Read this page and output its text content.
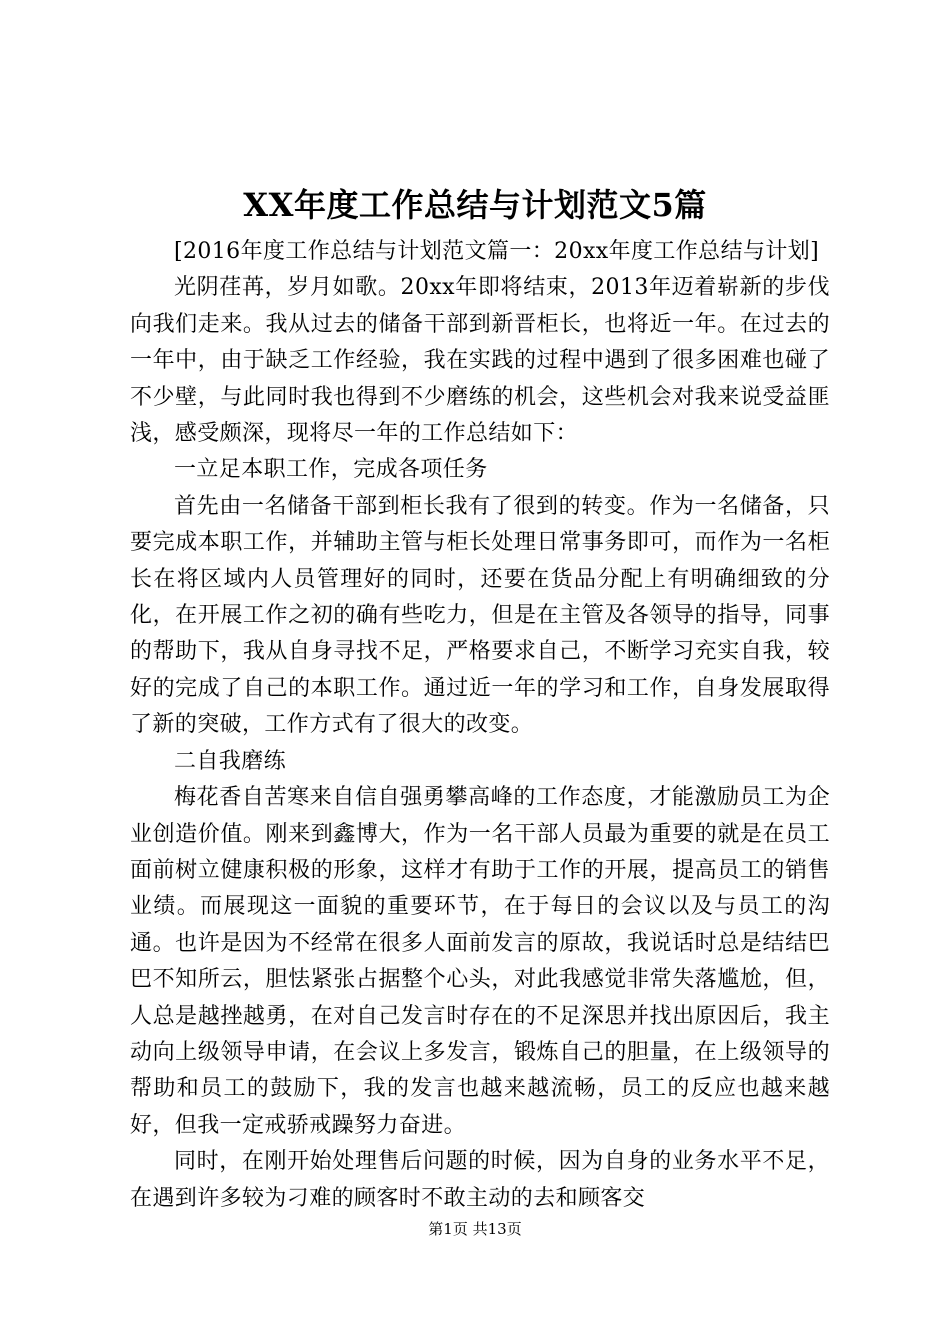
XX年度工作总结与计划范文5篇

[2016年度工作总结与计划范文篇一：20xx年度工作总结与计划]

光阴荏苒，岁月如歌。20xx年即将结束，2013年迈着崭新的步伐向我们走来。我从过去的储备干部到新晋柜长，也将近一年。在过去的一年中，由于缺乏工作经验，我在实践的过程中遇到了很多困难也碰了不少壁，与此同时我也得到不少磨练的机会，这些机会对我来说受益匪浅，感受颇深，现将尽一年的工作总结如下：

一立足本职工作，完成各项任务

首先由一名储备干部到柜长我有了很到的转变。作为一名储备，只要完成本职工作，并辅助主管与柜长处理日常事务即可，而作为一名柜长在将区域内人员管理好的同时，还要在货品分配上有明确细致的分化，在开展工作之初的确有些吃力，但是在主管及各领导的指导，同事的帮助下，我从自身寻找不足，严格要求自己，不断学习充实自我，较好的完成了自己的本职工作。通过近一年的学习和工作，自身发展取得了新的突破，工作方式有了很大的改变。

二自我磨练

梅花香自苦寒来自信自强勇攀高峰的工作态度，才能激励员工为企业创造价值。刚来到鑫博大，作为一名干部人员最为重要的就是在员工面前树立健康积极的形象，这样才有助于工作的开展，提高员工的销售业绩。而展现这一面貌的重要环节，在于每日的会议以及与员工的沟通。也许是因为不经常在很多人面前发言的原故，我说话时总是结结巴巴不知所云，胆怯紧张占据整个心头，对此我感觉非常失落尴尬，但，人总是越挫越勇，在对自己发言时存在的不足深思并找出原因后，我主动向上级领导申请，在会议上多发言，锻炼自己的胆量，在上级领导的帮助和员工的鼓励下，我的发言也越来越流畅，员工的反应也越来越好，但我一定戒骄戒躁努力奋进。

同时，在刚开始处理售后问题的时候，因为自身的业务水平不足，在遇到许多较为刁难的顾客时不敢主动的去和顾客交

第1页 共13页
